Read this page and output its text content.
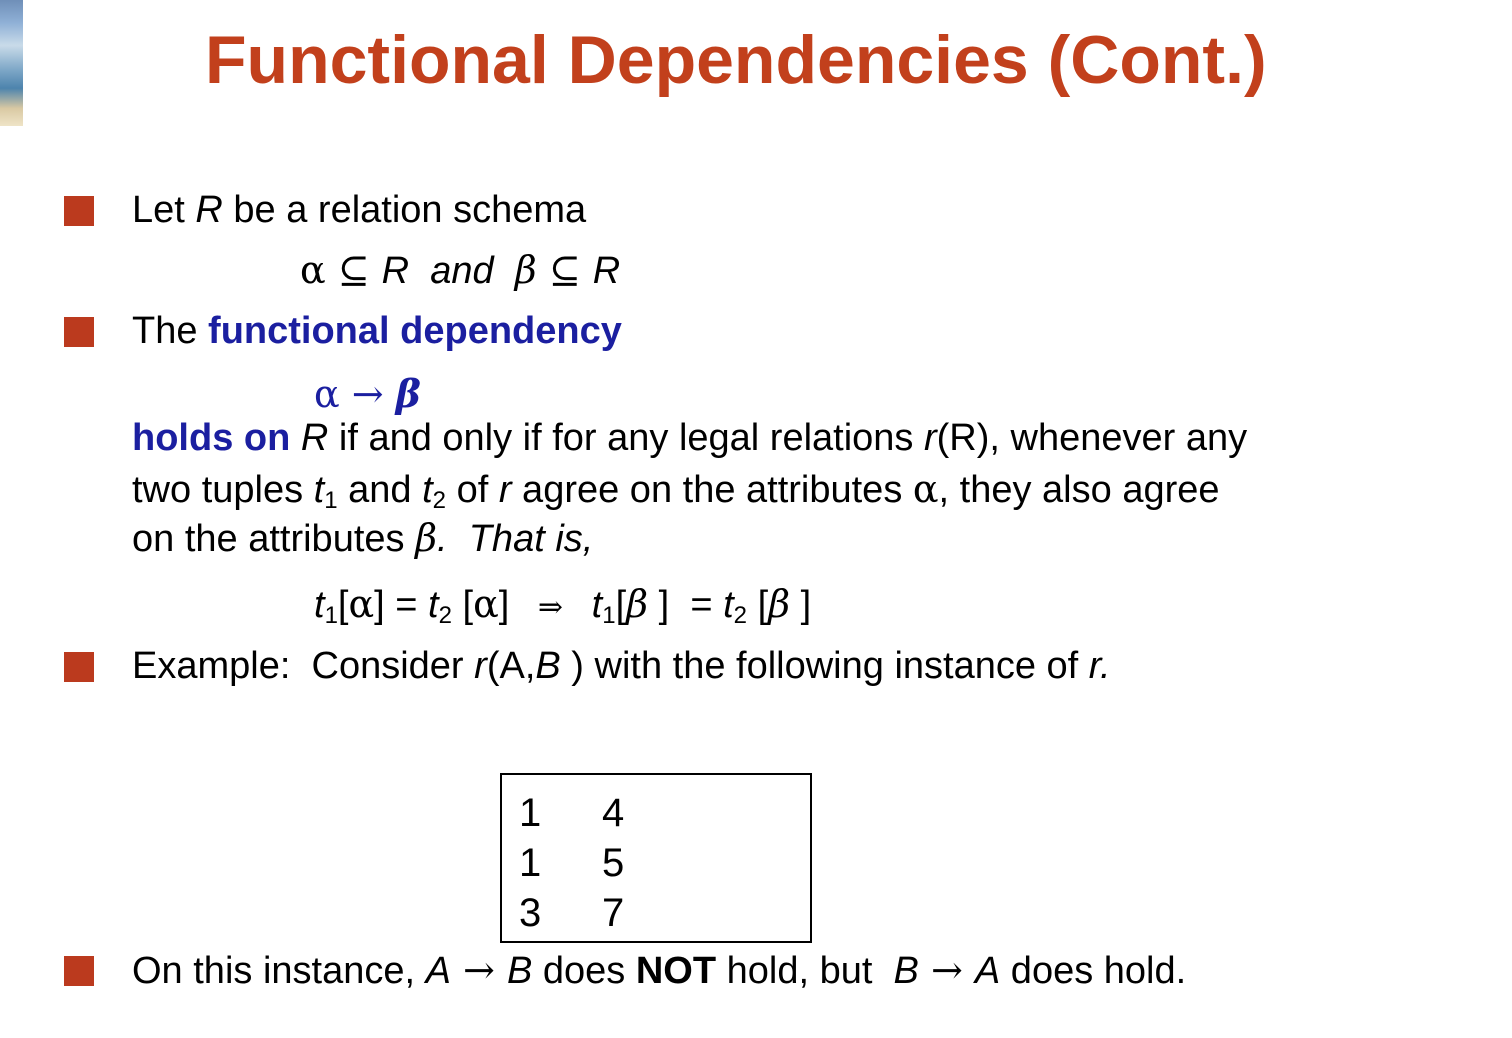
Functional Dependencies (Cont.)
Let R be a relation schema
α ⊆ R  and  β ⊆ R
The functional dependency
α → β
holds on R if and only if for any legal relations r(R), whenever any
two tuples $t_1$ and $t_2$ of r agree on the attributes α, they also agree
on the attributes β.  That is,
$t_1[\alpha] = t_2$ [α]   ⇒   $t_1[\beta$ ]  = $t_2$ [β ]
Example:  Consider r(A,B ) with the following instance of r.
1 4
1 5
3 7
On this instance, A → B does NOT hold, but  B → A does hold.
